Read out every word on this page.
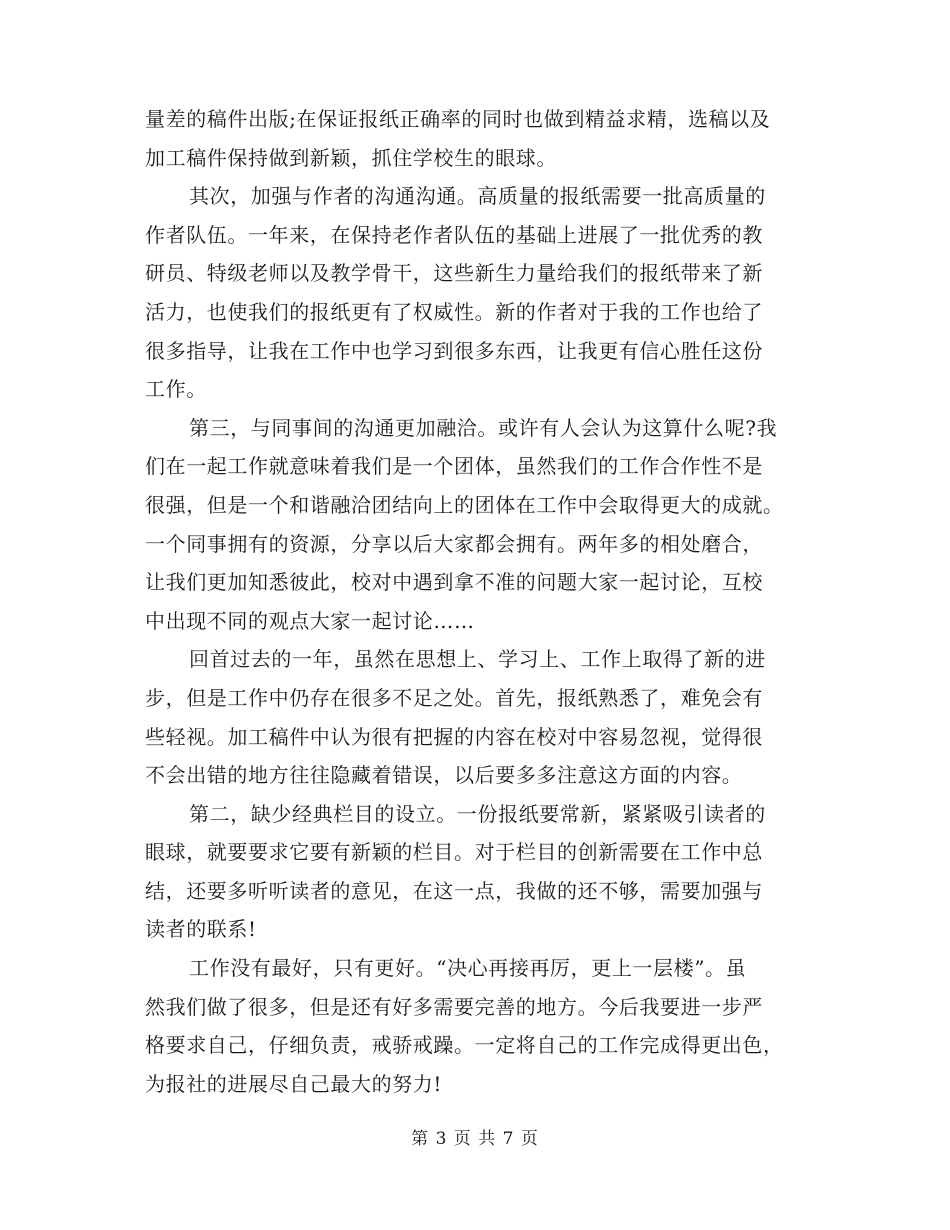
量差的稿件出版;在保证报纸正确率的同时也做到精益求精，选稿以及
加工稿件保持做到新颖，抓住学校生的眼球。
其次，加强与作者的沟通沟通。高质量的报纸需要一批高质量的
作者队伍。一年来，在保持老作者队伍的基础上进展了一批优秀的教
研员、特级老师以及教学骨干，这些新生力量给我们的报纸带来了新
活力，也使我们的报纸更有了权威性。新的作者对于我的工作也给了
很多指导，让我在工作中也学习到很多东西，让我更有信心胜任这份
工作。
第三，与同事间的沟通更加融洽。或许有人会认为这算什么呢?我
们在一起工作就意味着我们是一个团体，虽然我们的工作合作性不是
很强，但是一个和谐融洽团结向上的团体在工作中会取得更大的成就。
一个同事拥有的资源，分享以后大家都会拥有。两年多的相处磨合，
让我们更加知悉彼此，校对中遇到拿不准的问题大家一起讨论，互校
中出现不同的观点大家一起讨论……
回首过去的一年，虽然在思想上、学习上、工作上取得了新的进
步，但是工作中仍存在很多不足之处。首先，报纸熟悉了，难免会有
些轻视。加工稿件中认为很有把握的内容在校对中容易忽视，觉得很
不会出错的地方往往隐藏着错误，以后要多多注意这方面的内容。
第二，缺少经典栏目的设立。一份报纸要常新，紧紧吸引读者的
眼球，就要要求它要有新颖的栏目。对于栏目的创新需要在工作中总
结，还要多听听读者的意见，在这一点，我做的还不够，需要加强与
读者的联系!
工作没有最好，只有更好。“决心再接再厉，更上一层楼”。虽
然我们做了很多，但是还有好多需要完善的地方。今后我要进一步严
格要求自己，仔细负责，戒骄戒躁。一定将自己的工作完成得更出色，
为报社的进展尽自己最大的努力!
第 3 页 共 7 页
